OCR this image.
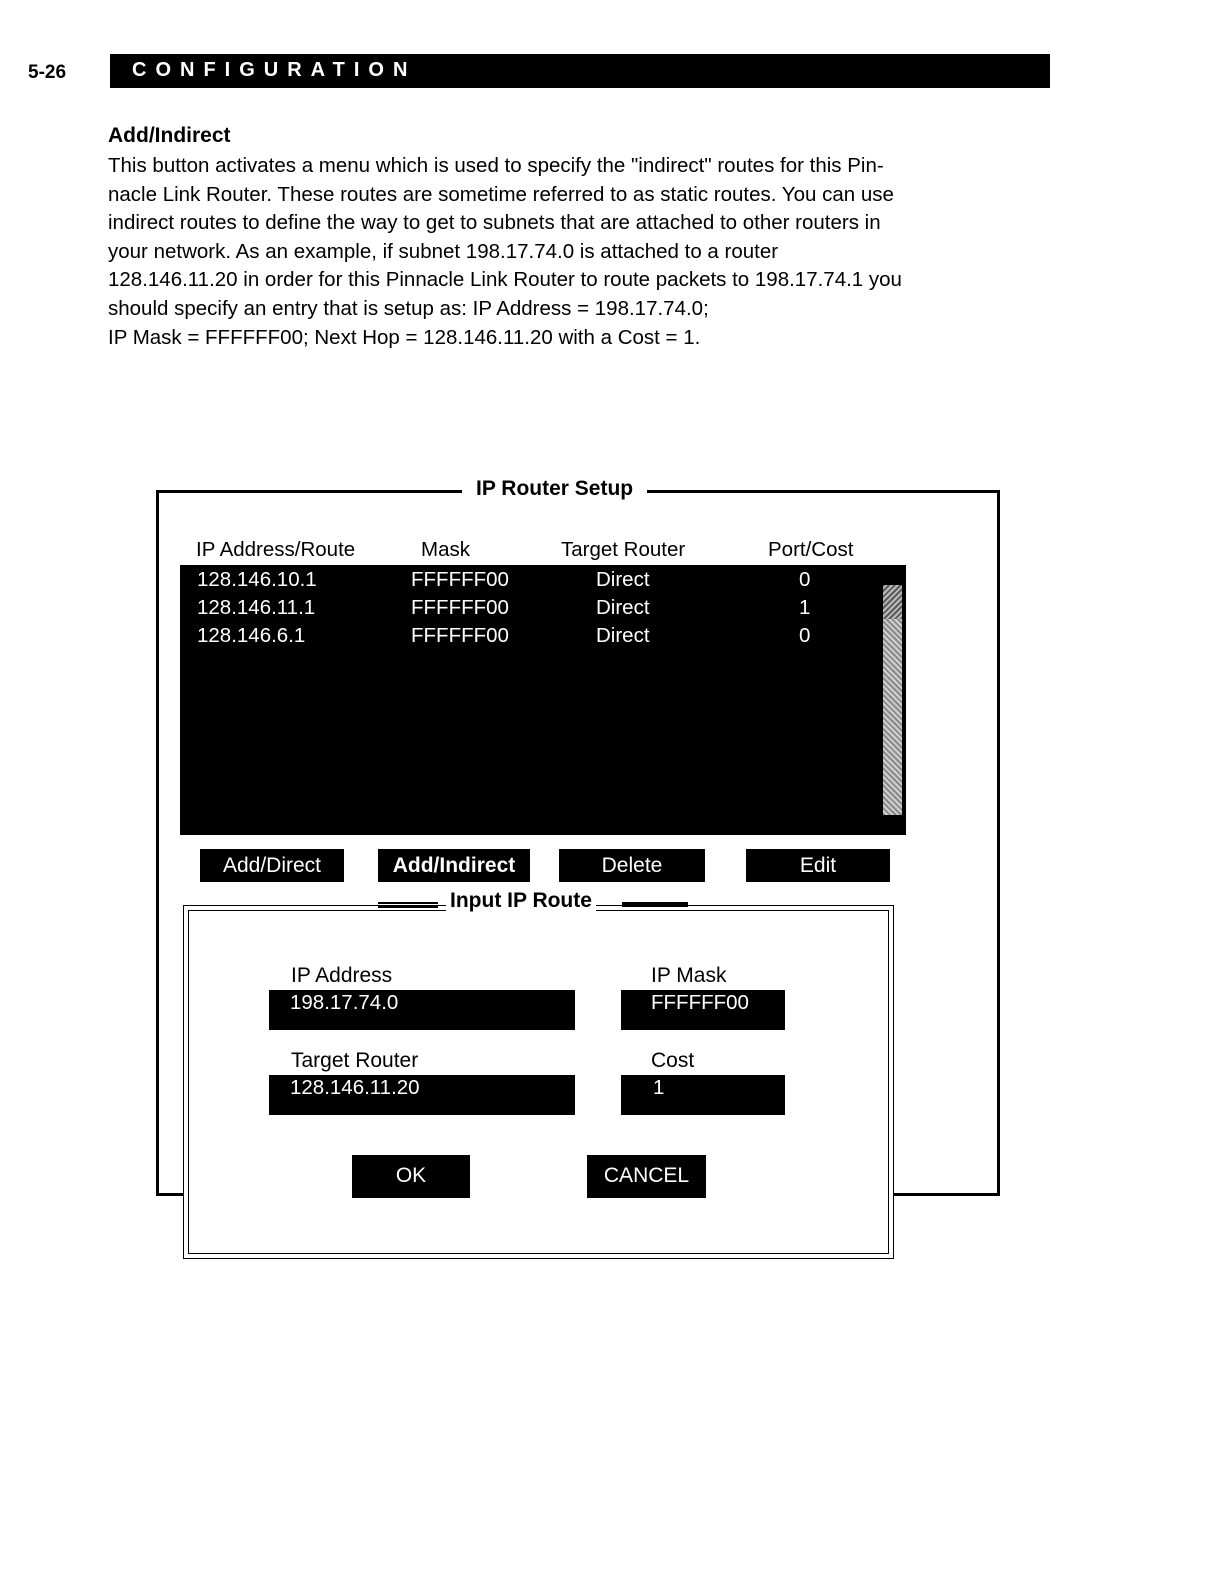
5-26	CONFIGURATION
Add/Indirect
This button activates a menu which is used to specify the "indirect" routes for this Pin-
nacle Link Router. These routes are sometime referred to as static routes. You can use
indirect routes to define the way to get to subnets that are attached to other routers in
your network. As an example, if subnet 198.17.74.0 is attached to a router
128.146.11.20 in order for this Pinnacle Link Router to route packets to 198.17.74.1 you
should specify an entry that is setup as: IP Address = 198.17.74.0;
IP Mask = FFFFFF00; Next Hop = 128.146.11.20 with a Cost = 1.
IP Router Setup
IP Address/Route	Mask	Target Router	Port/Cost
128.146.10.1	FFFFFF00	Direct	0
128.146.11.1	FFFFFF00	Direct	1
128.146.6.1	FFFFFF00	Direct	0
Add/Direct	Add/Indirect	Delete	Edit
Input IP Route
IP Address
198.17.74.0
IP Mask
FFFFFF00
Target Router
128.146.11.20
Cost
1
OK	CANCEL
